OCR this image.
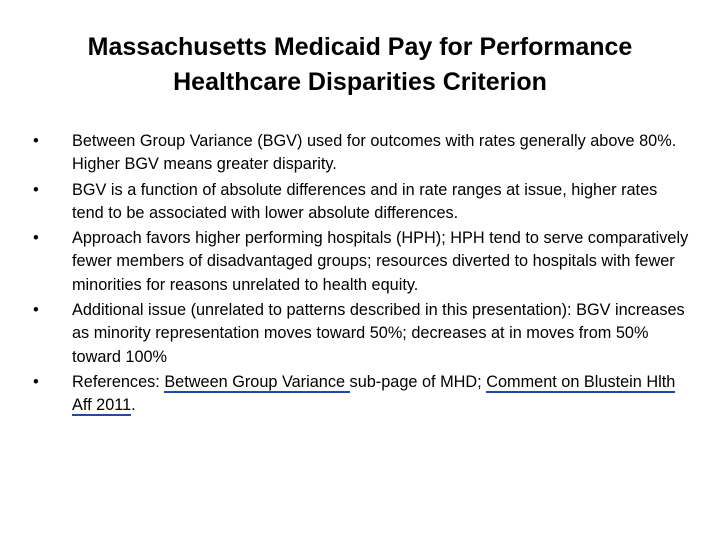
Massachusetts Medicaid Pay for Performance
Healthcare Disparities Criterion
• Between Group Variance (BGV) used for outcomes with rates generally above 80%. Higher BGV means greater disparity.
• BGV is a function of absolute differences and in rate ranges at issue, higher rates tend to be associated with lower absolute differences.
• Approach favors higher performing hospitals (HPH); HPH tend to serve comparatively fewer members of disadvantaged groups; resources diverted to hospitals with fewer minorities for reasons unrelated to health equity.
• Additional issue (unrelated to patterns described in this presentation): BGV increases as minority representation moves toward 50%; decreases at in moves from 50% toward 100%
• References: Between Group Variance sub-page of MHD; Comment on Blustein Hlth Aff 2011.
